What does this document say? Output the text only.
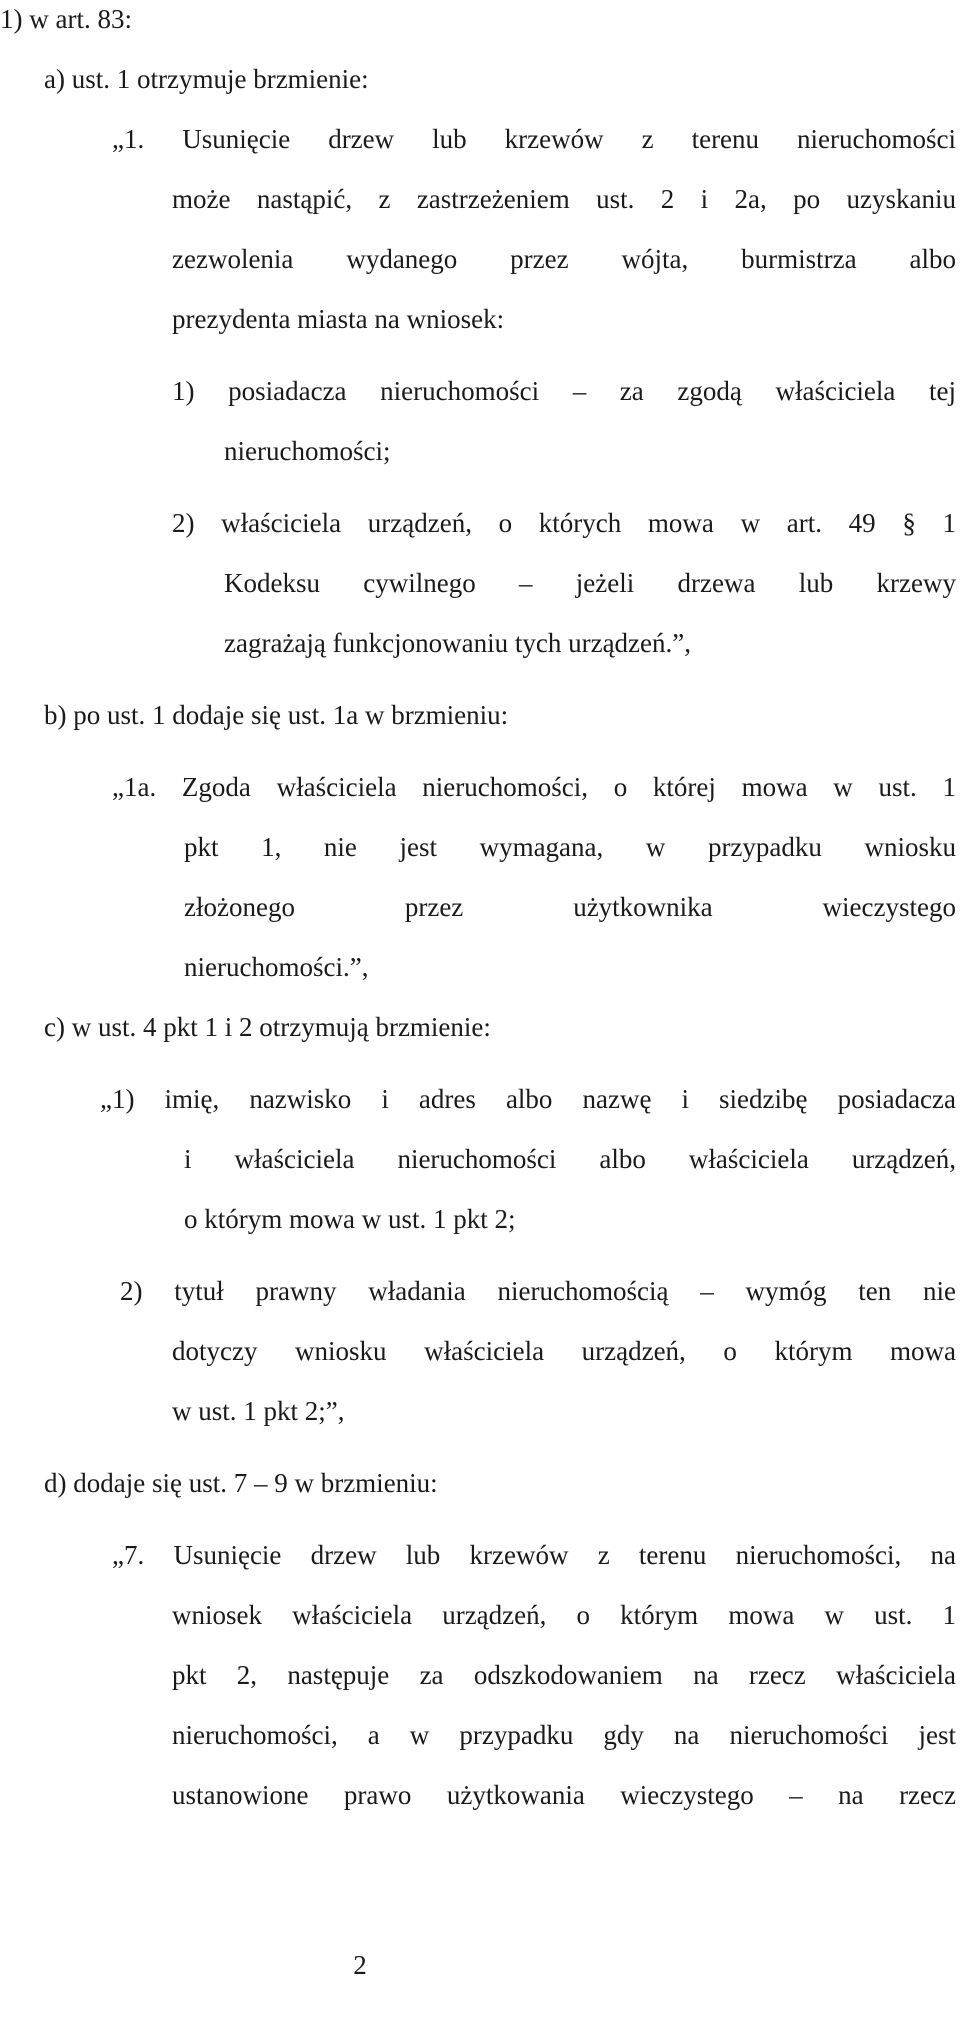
1) w art. 83:
a) ust. 1 otrzymuje brzmienie:
„1. Usunięcie drzew lub krzewów z terenu nieruchomości
może nastąpić, z zastrzeżeniem ust. 2 i 2a, po uzyskaniu
zezwolenia wydanego przez wójta, burmistrza albo
prezydenta miasta na wniosek:
1) posiadacza nieruchomości – za zgodą właściciela tej
nieruchomości;
2) właściciela urządzeń, o których mowa w art. 49 § 1
Kodeksu cywilnego – jeżeli drzewa lub krzewy
zagrażają funkcjonowaniu tych urządzeń.”,
b) po ust. 1 dodaje się ust. 1a w brzmieniu:
„1a. Zgoda właściciela nieruchomości, o której mowa w ust. 1
pkt 1, nie jest wymagana, w przypadku wniosku
złożonego przez użytkownika wieczystego
nieruchomości.”,
c) w ust. 4 pkt 1 i 2 otrzymują brzmienie:
„1) imię, nazwisko i adres albo nazwę i siedzibę posiadacza
i właściciela nieruchomości albo właściciela urządzeń,
o którym mowa w ust. 1 pkt 2;
2) tytuł prawny władania nieruchomością – wymóg ten nie
dotyczy wniosku właściciela urządzeń, o którym mowa
w ust. 1 pkt 2;”,
d) dodaje się ust. 7 – 9 w brzmieniu:
„7. Usunięcie drzew lub krzewów z terenu nieruchomości, na
wniosek właściciela urządzeń, o którym mowa w ust. 1
pkt 2, następuje za odszkodowaniem na rzecz właściciela
nieruchomości, a w przypadku gdy na nieruchomości jest
ustanowione prawo użytkowania wieczystego – na rzecz
2
